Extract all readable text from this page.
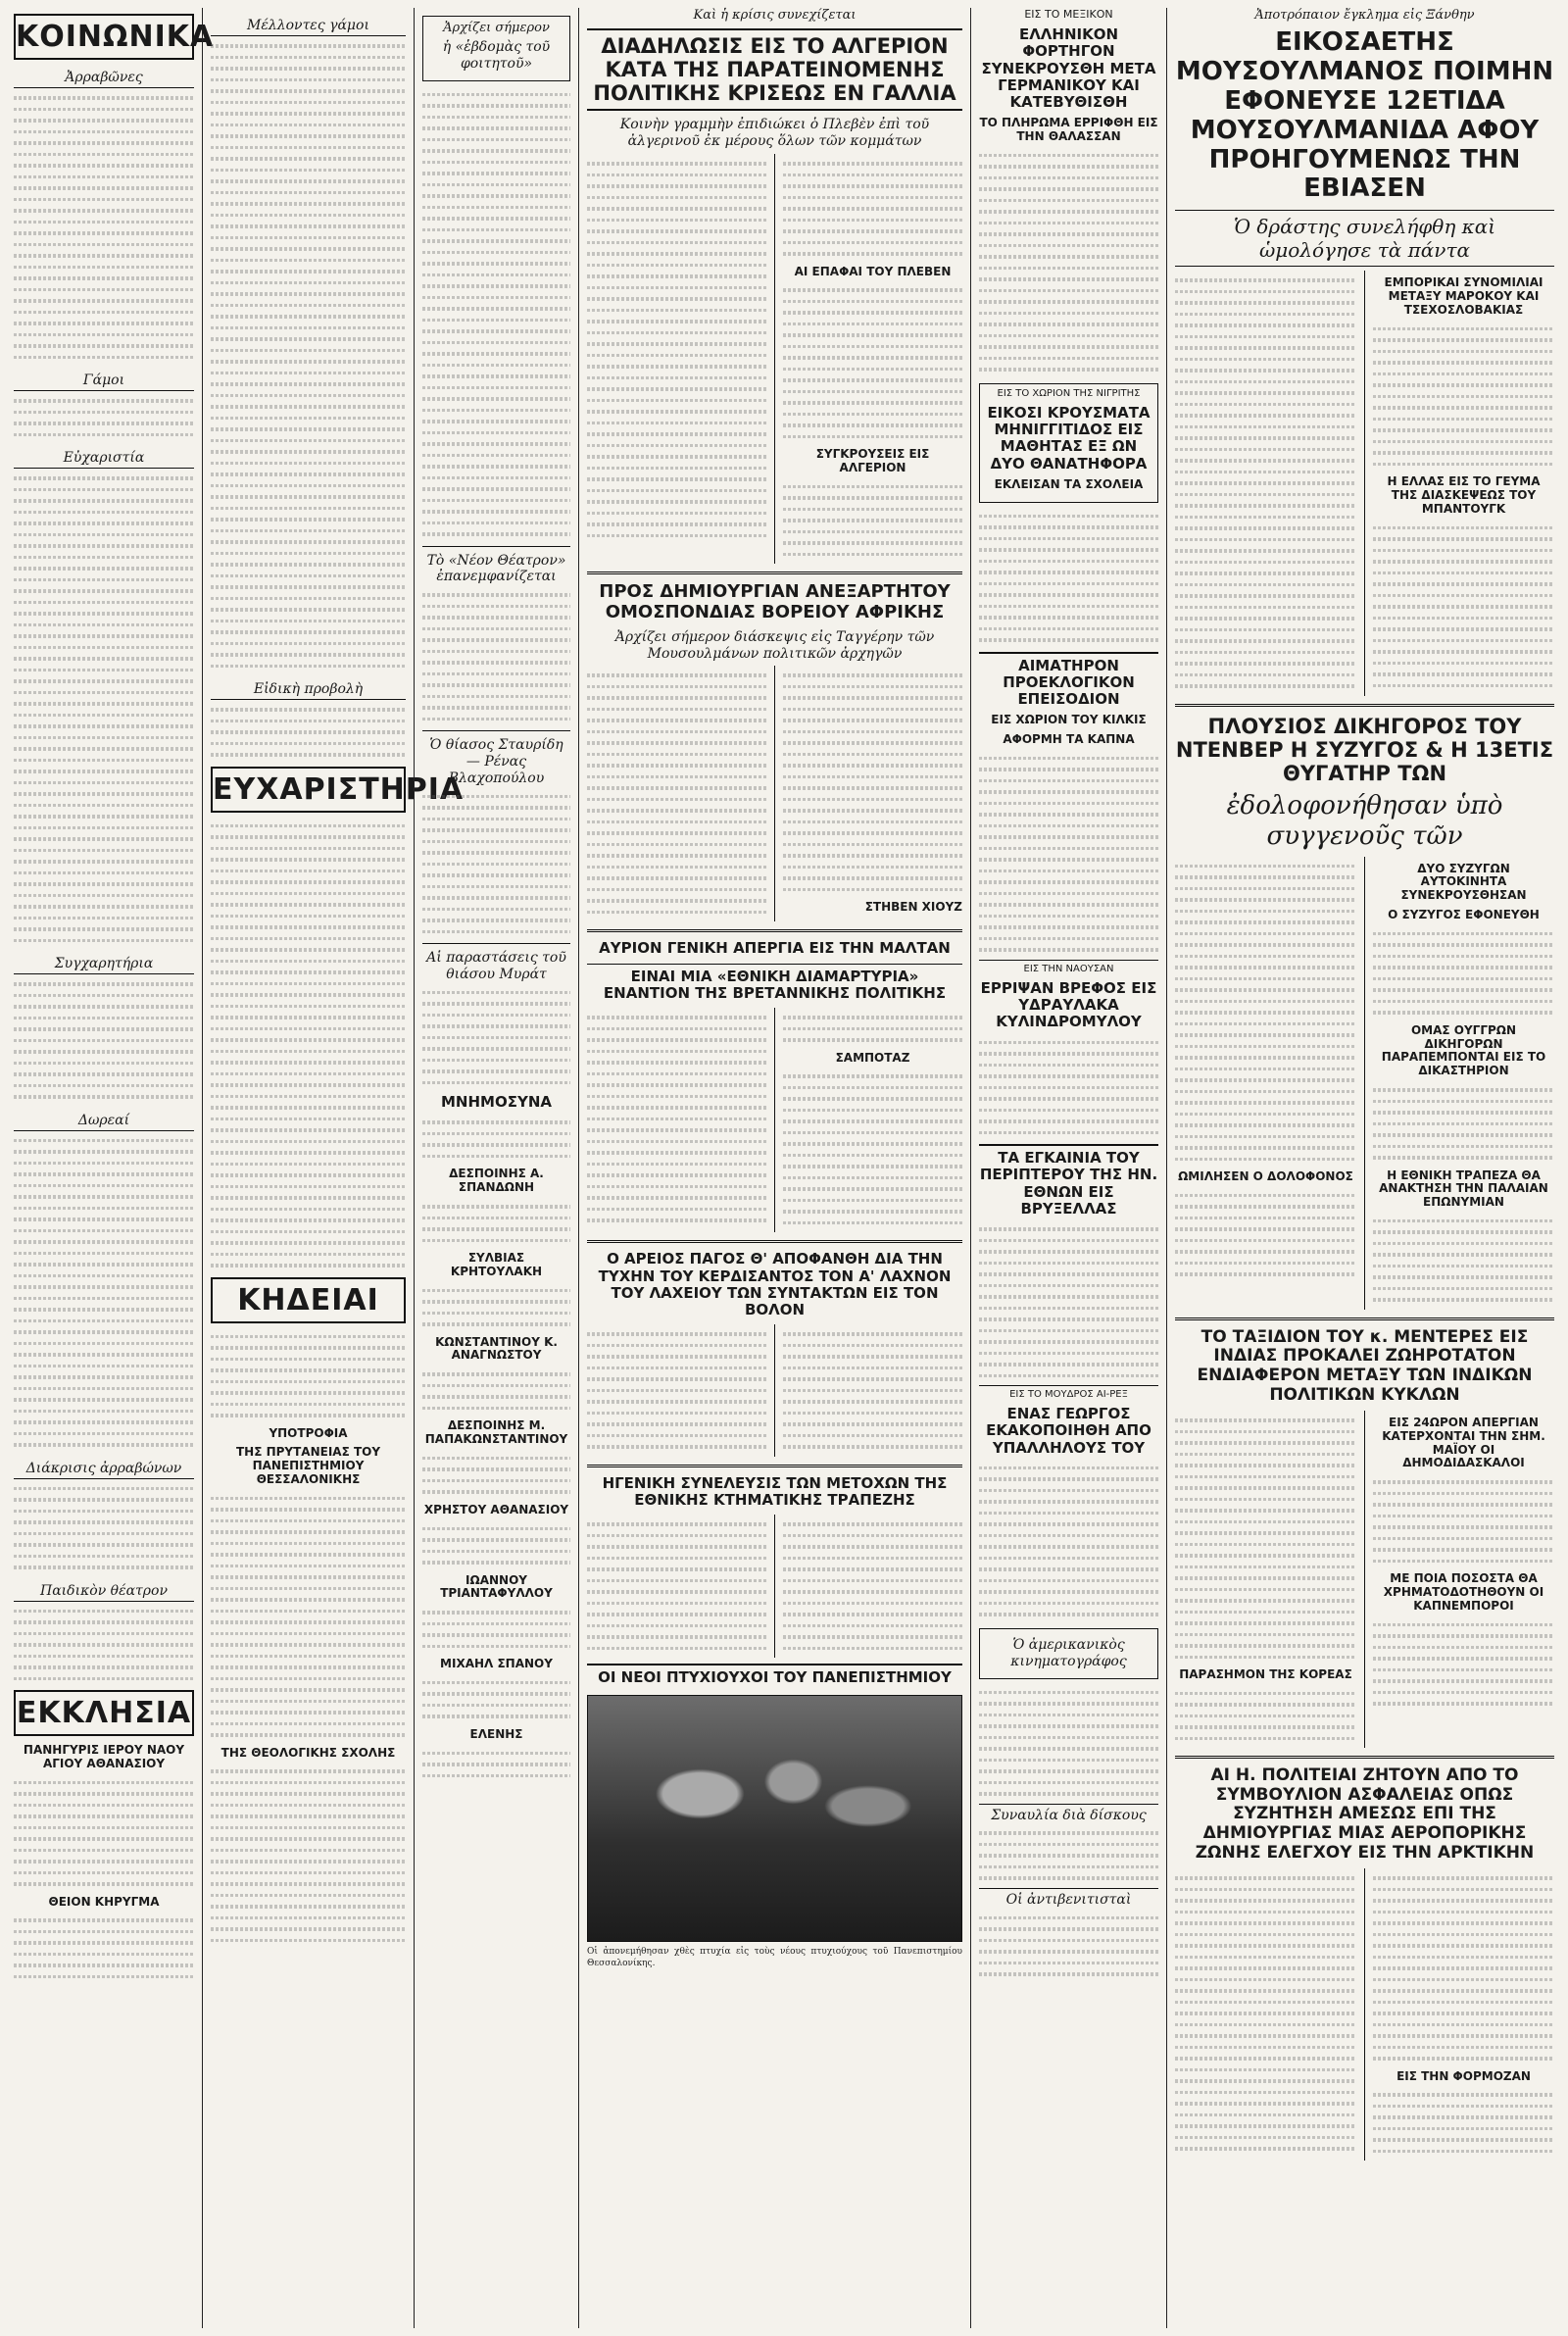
ΚΟΙΝΩΝΙΚΑ
Ἀρραβῶνες
Γάμοι
Εὐχαριστία
Συγχαρητήρια
Δωρεαί
Διάκρισις ἀρραβώνων
Παιδικὸν θέατρον
ΕΚΚΛΗΣΙΑ
ΠΑΝΗΓΥΡΙΣ ΙΕΡΟΥ ΝΑΟΥ ΑΓΙΟΥ ΑΘΑΝΑΣΙΟΥ
ΘΕΙΟΝ ΚΗΡΥΓΜΑ
Μέλλοντες γάμοι
Εἰδικὴ προβολὴ
ΕΥΧΑΡΙΣΤΗΡΙΑ
ΚΗΔΕΙΑΙ
ΥΠΟΤΡΟΦΙΑ
ΤΗΣ ΠΡΥΤΑΝΕΙΑΣ ΤΟΥ ΠΑΝΕΠΙΣΤΗΜΙΟΥ ΘΕΣΣΑΛΟΝΙΚΗΣ
ΤΗΣ ΘΕΟΛΟΓΙΚΗΣ ΣΧΟΛΗΣ
Ἀρχίζει σήμερον
ἡ «ἑβδομὰς τοῦ φοιτητοῦ»
Τὸ «Νέον Θέατρον» ἐπανεμφανίζεται
Ὁ θίασος Σταυρίδη — Ρένας Βλαχοπούλου
Αἱ παραστάσεις τοῦ θιάσου Μυράτ
ΜΝΗΜΟΣΥΝΑ
ΔΕΣΠΟΙΝΗΣ Α. ΣΠΑΝΔΩΝΗ
ΣΥΛΒΙΑΣ ΚΡΗΤΟΥΛΑΚΗ
ΚΩΝΣΤΑΝΤΙΝΟΥ Κ. ΑΝΑΓΝΩΣΤΟΥ
ΔΕΣΠΟΙΝΗΣ Μ. ΠΑΠΑΚΩΝΣΤΑΝΤΙΝΟΥ
ΧΡΗΣΤΟΥ ΑΘΑΝΑΣΙΟΥ
ΙΩΑΝΝΟΥ ΤΡΙΑΝΤΑΦΥΛΛΟΥ
ΜΙΧΑΗΛ ΣΠΑΝΟΥ
ΕΛΕΝΗΣ
Καὶ ἡ κρίσις συνεχίζεται
ΔΙΑΔΗΛΩΣΙΣ ΕΙΣ ΤΟ ΑΛΓΕΡΙΟΝ ΚΑΤΑ ΤΗΣ ΠΑΡΑΤΕΙΝΟΜΕΝΗΣ ΠΟΛΙΤΙΚΗΣ ΚΡΙΣΕΩΣ ΕΝ ΓΑΛΛΙΑ
Κοινὴν γραμμὴν ἐπιδιώκει ὁ Πλεβὲν ἐπὶ τοῦ ἀλγερινοῦ ἐκ μέρους ὅλων τῶν κομμάτων
ΑΙ ΕΠΑΦΑΙ ΤΟΥ ΠΛΕΒΕΝ
ΣΥΓΚΡΟΥΣΕΙΣ ΕΙΣ ΑΛΓΕΡΙΟΝ
ΠΡΟΣ ΔΗΜΙΟΥΡΓΙΑΝ ΑΝΕΞΑΡΤΗΤΟΥ ΟΜΟΣΠΟΝΔΙΑΣ ΒΟΡΕΙΟΥ ΑΦΡΙΚΗΣ
Ἀρχίζει σήμερον διάσκεψις εἰς Ταγγέρην τῶν Μουσουλμάνων πολιτικῶν ἀρχηγῶν
ΣΤΗΒΕΝ ΧΙΟΥΖ
ΑΥΡΙΟΝ ΓΕΝΙΚΗ ΑΠΕΡΓΙΑ ΕΙΣ ΤΗΝ ΜΑΛΤΑΝ
ΕΙΝΑΙ ΜΙΑ «ΕΘΝΙΚΗ ΔΙΑΜΑΡΤΥΡΙΑ» ΕΝΑΝΤΙΟΝ ΤΗΣ ΒΡΕΤΑΝΝΙΚΗΣ ΠΟΛΙΤΙΚΗΣ
ΣΑΜΠΟΤΑΖ
Ο ΑΡΕΙΟΣ ΠΑΓΟΣ Θ' ΑΠΟΦΑΝΘΗ ΔΙΑ ΤΗΝ ΤΥΧΗΝ ΤΟΥ ΚΕΡΔΙΣΑΝΤΟΣ ΤΟΝ Α' ΛΑΧΝΟΝ ΤΟΥ ΛΑΧΕΙΟΥ ΤΩΝ ΣΥΝΤΑΚΤΩΝ ΕΙΣ ΤΟΝ ΒΟΛΟΝ
ΗΓΕΝΙΚΗ ΣΥΝΕΛΕΥΣΙΣ ΤΩΝ ΜΕΤΟΧΩΝ ΤΗΣ ΕΘΝΙΚΗΣ ΚΤΗΜΑΤΙΚΗΣ ΤΡΑΠΕΖΗΣ
ΟΙ ΝΕΟΙ ΠΤΥΧΙΟΥΧΟΙ ΤΟΥ ΠΑΝΕΠΙΣΤΗΜΙΟΥ
Οἱ ἀπονεμήθησαν χθὲς πτυχία εἰς τοὺς νέους πτυχιούχους τοῦ Πανεπιστημίου Θεσσαλονίκης.
ΕΙΣ ΤΟ ΜΕΞΙΚΟΝ
ΕΛΛΗΝΙΚΟΝ ΦΟΡΤΗΓΟΝ ΣΥΝΕΚΡΟΥΣΘΗ ΜΕΤΑ ΓΕΡΜΑΝΙΚΟΥ ΚΑΙ ΚΑΤΕΒΥΘΙΣΘΗ
ΤΟ ΠΛΗΡΩΜΑ ΕΡΡΙΦΘΗ ΕΙΣ ΤΗΝ ΘΑΛΑΣΣΑΝ
ΕΙΣ ΤΟ ΧΩΡΙΟΝ ΤΗΣ ΝΙΓΡΙΤΗΣ
ΕΙΚΟΣΙ ΚΡΟΥΣΜΑΤΑ ΜΗΝΙΓΓΙΤΙΔΟΣ ΕΙΣ ΜΑΘΗΤΑΣ ΕΞ ΩΝ ΔΥΟ ΘΑΝΑΤΗΦΟΡΑ
ΕΚΛΕΙΣΑΝ ΤΑ ΣΧΟΛΕΙΑ
ΑΙΜΑΤΗΡΟΝ ΠΡΟΕΚΛΟΓΙΚΟΝ ΕΠΕΙΣΟΔΙΟΝ
ΕΙΣ ΧΩΡΙΟΝ ΤΟΥ ΚΙΛΚΙΣ
ΑΦΟΡΜΗ ΤΑ ΚΑΠΝΑ
ΕΙΣ ΤΗΝ ΝΑΟΥΣΑΝ
ΕΡΡΙΨΑΝ ΒΡΕΦΟΣ ΕΙΣ ΥΔΡΑΥΛΑΚΑ ΚΥΛΙΝΔΡΟΜΥΛΟΥ
ΤΑ ΕΓΚΑΙΝΙΑ ΤΟΥ ΠΕΡΙΠΤΕΡΟΥ ΤΗΣ ΗΝ. ΕΘΝΩΝ ΕΙΣ ΒΡΥΞΕΛΛΑΣ
ΕΙΣ ΤΟ ΜΟΥΔΡΟΣ ΑΙ-ΡΕΞ
ΕΝΑΣ ΓΕΩΡΓΟΣ ΕΚΑΚΟΠΟΙΗΘΗ ΑΠΟ ΥΠΑΛΛΗΛΟΥΣ ΤΟΥ
Ὁ ἀμερικανικὸς κινηματογράφος
Συναυλία διὰ δίσκους
Οἱ ἀντιβενιτισταὶ
Ἀποτρόπαιον ἔγκλημα εἰς Ξάνθην
ΕΙΚΟΣΑΕΤΗΣ ΜΟΥΣΟΥΛΜΑΝΟΣ ΠΟΙΜΗΝ ΕΦΟΝΕΥΣΕ 12ΕΤΙΔΑ ΜΟΥΣΟΥΛΜΑΝΙΔΑ ΑΦΟΥ ΠΡΟΗΓΟΥΜΕΝΩΣ ΤΗΝ ΕΒΙΑΣΕΝ
Ὁ δράστης συνελήφθη καὶ ὡμολόγησε τὰ πάντα
ΕΜΠΟΡΙΚΑΙ ΣΥΝΟΜΙΛΙΑΙ ΜΕΤΑΞΥ ΜΑΡΟΚΟΥ ΚΑΙ ΤΣΕΧΟΣΛΟΒΑΚΙΑΣ
Η ΕΛΛΑΣ ΕΙΣ ΤΟ ΓΕΥΜΑ ΤΗΣ ΔΙΑΣΚΕΨΕΩΣ ΤΟΥ ΜΠΑΝΤΟΥΓΚ
ΠΛΟΥΣΙΟΣ ΔΙΚΗΓΟΡΟΣ ΤΟΥ ΝΤΕΝΒΕΡ Η ΣΥΖΥΓΟΣ & Η 13ΕΤΙΣ ΘΥΓΑΤΗΡ ΤΩΝ
ἐδολοφονήθησαν ὑπὸ συγγενοῦς τῶν
ΩΜΙΛΗΣΕΝ Ο ΔΟΛΟΦΟΝΟΣ
ΔΥΟ ΣΥΖΥΓΩΝ ΑΥΤΟΚΙΝΗΤΑ ΣΥΝΕΚΡΟΥΣΘΗΣΑΝ
Ο ΣΥΖΥΓΟΣ ΕΦΟΝΕΥΘΗ
ΟΜΑΣ ΟΥΓΓΡΩΝ ΔΙΚΗΓΟΡΩΝ ΠΑΡΑΠΕΜΠΟΝΤΑΙ ΕΙΣ ΤΟ ΔΙΚΑΣΤΗΡΙΟΝ
Η ΕΘΝΙΚΗ ΤΡΑΠΕΖΑ ΘΑ ΑΝΑΚΤΗΣΗ ΤΗΝ ΠΑΛΑΙΑΝ ΕΠΩΝΥΜΙΑΝ
ΤΟ ΤΑΞΙΔΙΟΝ ΤΟΥ κ. ΜΕΝΤΕΡΕΣ ΕΙΣ ΙΝΔΙΑΣ ΠΡΟΚΑΛΕΙ ΖΩΗΡΟΤΑΤΟΝ ΕΝΔΙΑΦΕΡΟΝ ΜΕΤΑΞΥ ΤΩΝ ΙΝΔΙΚΩΝ ΠΟΛΙΤΙΚΩΝ ΚΥΚΛΩΝ
ΠΑΡΑΣΗΜΟΝ ΤΗΣ ΚΟΡΕΑΣ
ΕΙΣ 24ΩΡΟΝ ΑΠΕΡΓΙΑΝ ΚΑΤΕΡΧΟΝΤΑΙ ΤΗΝ ΣΗΜ. ΜΑΪΟΥ ΟΙ ΔΗΜΟΔΙΔΑΣΚΑΛΟΙ
ΜΕ ΠΟΙΑ ΠΟΣΟΣΤΑ ΘΑ ΧΡΗΜΑΤΟΔΟΤΗΘΟΥΝ ΟΙ ΚΑΠΝΕΜΠΟΡΟΙ
ΑΙ Η. ΠΟΛΙΤΕΙΑΙ ΖΗΤΟΥΝ ΑΠΟ ΤΟ ΣΥΜΒΟΥΛΙΟΝ ΑΣΦΑΛΕΙΑΣ ΟΠΩΣ ΣΥΖΗΤΗΣΗ ΑΜΕΣΩΣ ΕΠΙ ΤΗΣ ΔΗΜΙΟΥΡΓΙΑΣ ΜΙΑΣ ΑΕΡΟΠΟΡΙΚΗΣ ΖΩΝΗΣ ΕΛΕΓΧΟΥ ΕΙΣ ΤΗΝ ΑΡΚΤΙΚΗΝ
ΕΙΣ ΤΗΝ ΦΟΡΜΟΖΑΝ
